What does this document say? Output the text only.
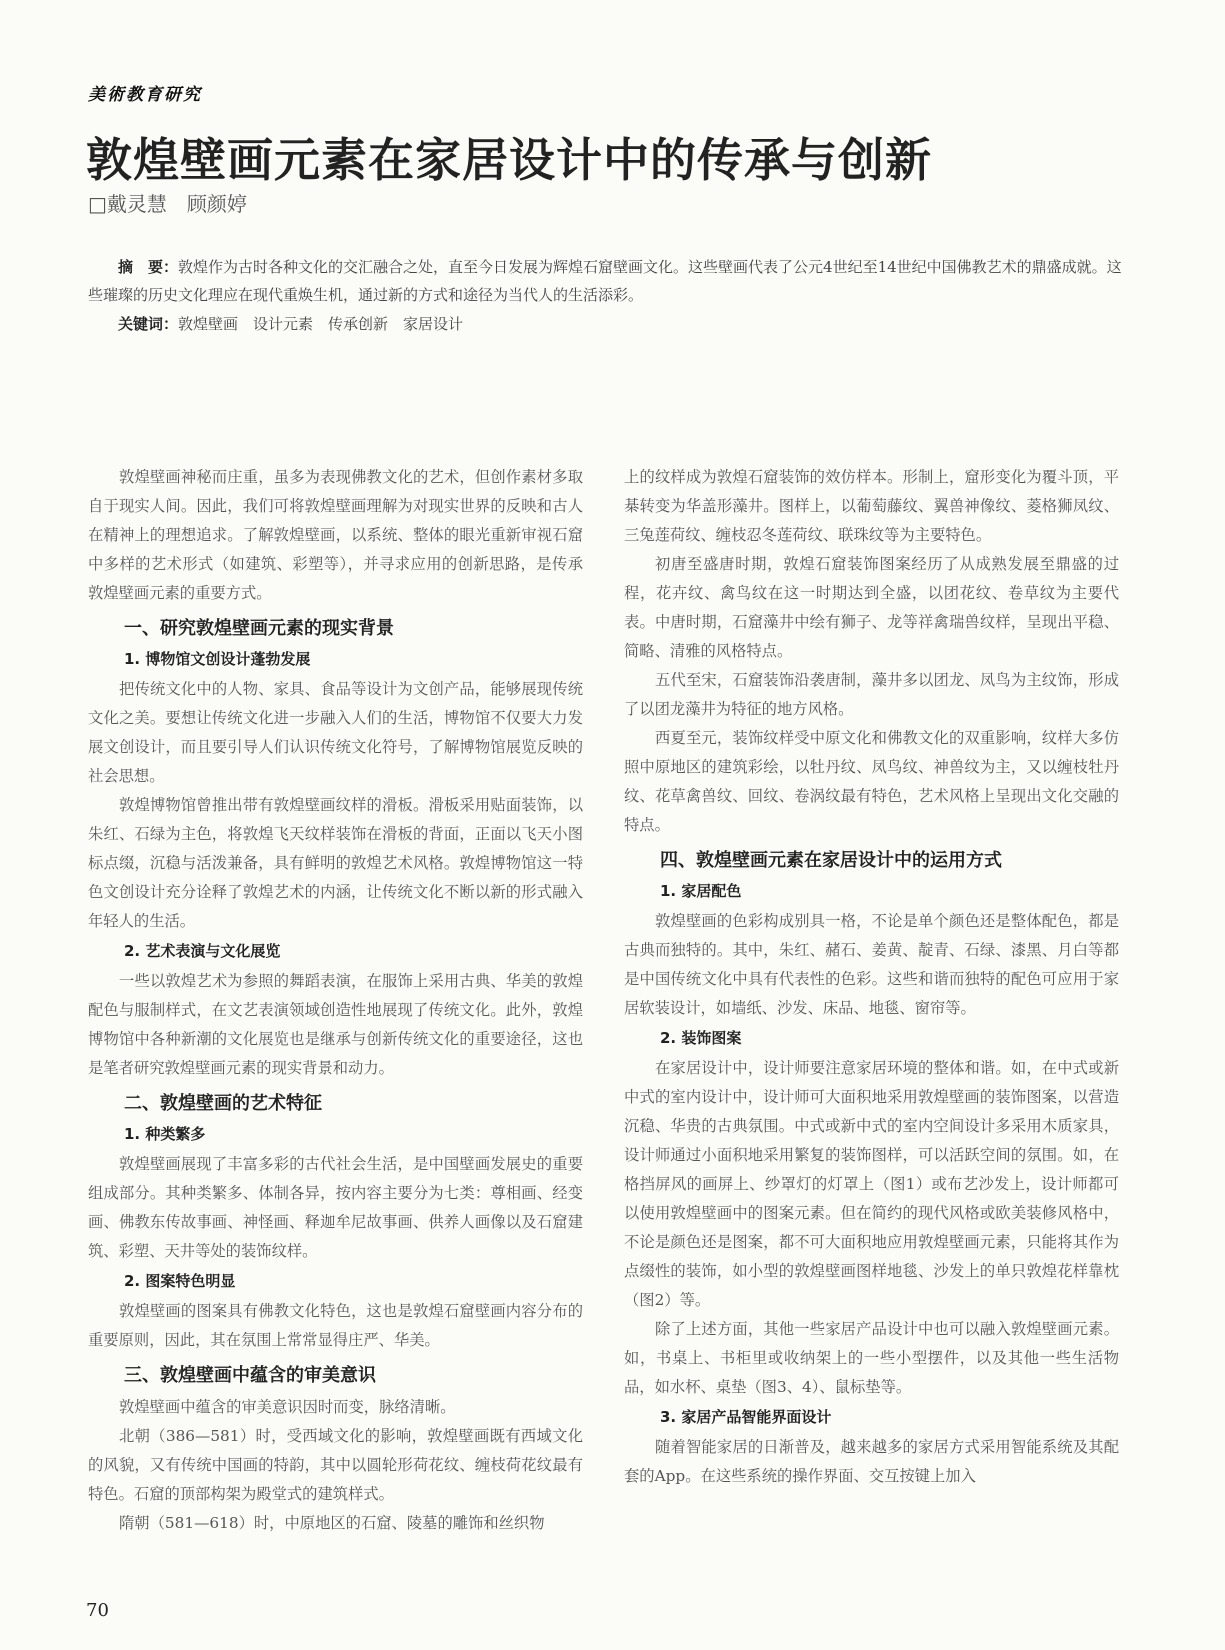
美術教育研究
敦煌壁画元素在家居设计中的传承与创新
□戴灵慧　顾颜婷
摘　要：敦煌作为古时各种文化的交汇融合之处，直至今日发展为辉煌石窟壁画文化。这些壁画代表了公元4世纪至14世纪中国佛教艺术的鼎盛成就。这些璀璨的历史文化理应在现代重焕生机，通过新的方式和途径为当代人的生活添彩。
关键词：敦煌壁画　设计元素　传承创新　家居设计

敦煌壁画神秘而庄重，虽多为表现佛教文化的艺术，但创作素材多取自于现实人间。因此，我们可将敦煌壁画理解为对现实世界的反映和古人在精神上的理想追求。了解敦煌壁画，以系统、整体的眼光重新审视石窟中多样的艺术形式（如建筑、彩塑等），并寻求应用的创新思路，是传承敦煌壁画元素的重要方式。

一、研究敦煌壁画元素的现实背景
1. 博物馆文创设计蓬勃发展

把传统文化中的人物、家具、食品等设计为文创产品，能够展现传统文化之美。要想让传统文化进一步融入人们的生活，博物馆不仅要大力发展文创设计，而且要引导人们认识传统文化符号，了解博物馆展览反映的社会思想。

敦煌博物馆曾推出带有敦煌壁画纹样的滑板。滑板采用贴面装饰，以朱红、石绿为主色，将敦煌飞天纹样装饰在滑板的背面，正面以飞天小图标点缀，沉稳与活泼兼备，具有鲜明的敦煌艺术风格。敦煌博物馆这一特色文创设计充分诠释了敦煌艺术的内涵，让传统文化不断以新的形式融入年轻人的生活。

2. 艺术表演与文化展览

一些以敦煌艺术为参照的舞蹈表演，在服饰上采用古典、华美的敦煌配色与服制样式，在文艺表演领域创造性地展现了传统文化。此外，敦煌博物馆中各种新潮的文化展览也是继承与创新传统文化的重要途径，这也是笔者研究敦煌壁画元素的现实背景和动力。

二、敦煌壁画的艺术特征
1. 种类繁多

敦煌壁画展现了丰富多彩的古代社会生活，是中国壁画发展史的重要组成部分。其种类繁多、体制各异，按内容主要分为七类：尊相画、经变画、佛教东传故事画、神怪画、释迦牟尼故事画、供养人画像以及石窟建筑、彩塑、天井等处的装饰纹样。

2. 图案特色明显

敦煌壁画的图案具有佛教文化特色，这也是敦煌石窟壁画内容分布的重要原则，因此，其在氛围上常常显得庄严、华美。

三、敦煌壁画中蕴含的审美意识

敦煌壁画中蕴含的审美意识因时而变，脉络清晰。

北朝（386—581）时，受西域文化的影响，敦煌壁画既有西域文化的风貌，又有传统中国画的特韵，其中以圆轮形荷花纹、缠枝荷花纹最有特色。石窟的顶部构架为殿堂式的建筑样式。

隋朝（581—618）时，中原地区的石窟、陵墓的雕饰和丝织物

上的纹样成为敦煌石窟装饰的效仿样本。形制上，窟形变化为覆斗顶，平棊转变为华盖形藻井。图样上，以葡萄藤纹、翼兽神像纹、菱格狮凤纹、三兔莲荷纹、缠枝忍冬莲荷纹、联珠纹等为主要特色。

初唐至盛唐时期，敦煌石窟装饰图案经历了从成熟发展至鼎盛的过程，花卉纹、禽鸟纹在这一时期达到全盛，以团花纹、卷草纹为主要代表。中唐时期，石窟藻井中绘有狮子、龙等祥禽瑞兽纹样，呈现出平稳、简略、清雅的风格特点。

五代至宋，石窟装饰沿袭唐制，藻井多以团龙、凤鸟为主纹饰，形成了以团龙藻井为特征的地方风格。

西夏至元，装饰纹样受中原文化和佛教文化的双重影响，纹样大多仿照中原地区的建筑彩绘，以牡丹纹、凤鸟纹、神兽纹为主，又以缠枝牡丹纹、花草禽兽纹、回纹、卷涡纹最有特色，艺术风格上呈现出文化交融的特点。

四、敦煌壁画元素在家居设计中的运用方式
1. 家居配色

敦煌壁画的色彩构成别具一格，不论是单个颜色还是整体配色，都是古典而独特的。其中，朱红、赭石、姜黄、靛青、石绿、漆黑、月白等都是中国传统文化中具有代表性的色彩。这些和谐而独特的配色可应用于家居软装设计，如墙纸、沙发、床品、地毯、窗帘等。

2. 装饰图案

在家居设计中，设计师要注意家居环境的整体和谐。如，在中式或新中式的室内设计中，设计师可大面积地采用敦煌壁画的装饰图案，以营造沉稳、华贵的古典氛围。中式或新中式的室内空间设计多采用木质家具，设计师通过小面积地采用繁复的装饰图样，可以活跃空间的氛围。如，在格挡屏风的画屏上、纱罩灯的灯罩上（图1）或布艺沙发上，设计师都可以使用敦煌壁画中的图案元素。但在简约的现代风格或欧美装修风格中，不论是颜色还是图案，都不可大面积地应用敦煌壁画元素，只能将其作为点缀性的装饰，如小型的敦煌壁画图样地毯、沙发上的单只敦煌花样靠枕（图2）等。

除了上述方面，其他一些家居产品设计中也可以融入敦煌壁画元素。如，书桌上、书柜里或收纳架上的一些小型摆件，以及其他一些生活物品，如水杯、桌垫（图3、4）、鼠标垫等。

3. 家居产品智能界面设计

随着智能家居的日渐普及，越来越多的家居方式采用智能系统及其配套的App。在这些系统的操作界面、交互按键上加入

70
